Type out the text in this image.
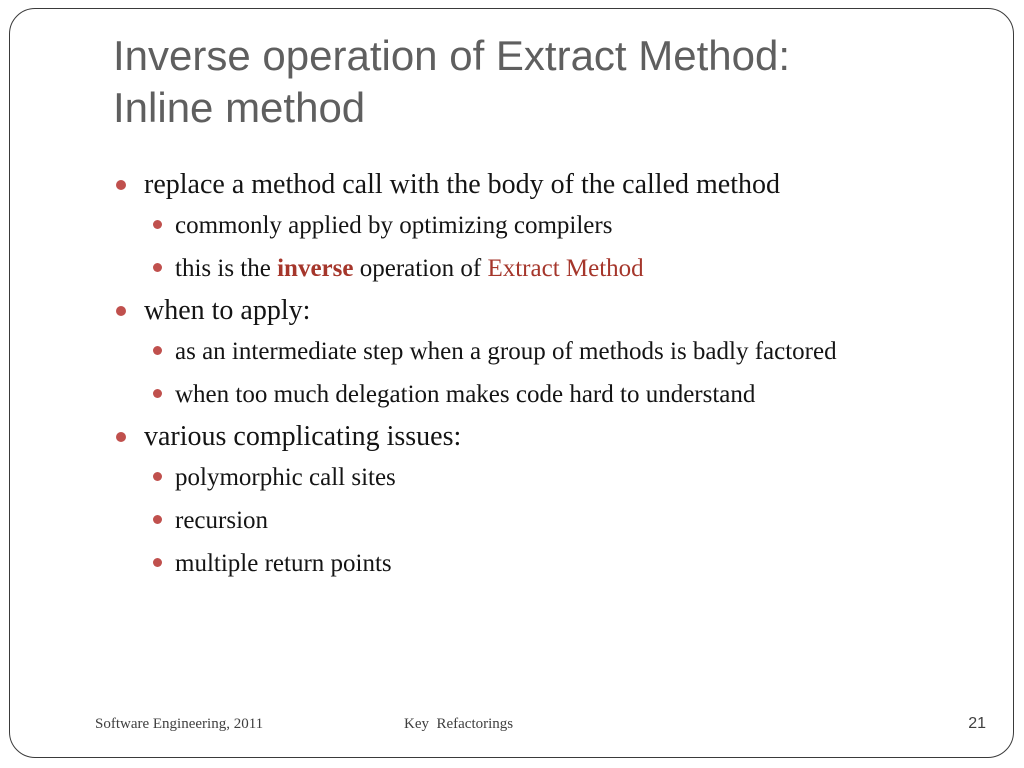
Inverse operation of Extract Method:
Inline method
replace a method call with the body of the called method
commonly applied by optimizing compilers
this is the inverse operation of Extract Method
when to apply:
as an intermediate step when a group of methods is badly factored
when too much delegation makes code hard to understand
various complicating issues:
polymorphic call sites
recursion
multiple return points
Software Engineering, 2011	Key  Refactorings	21
